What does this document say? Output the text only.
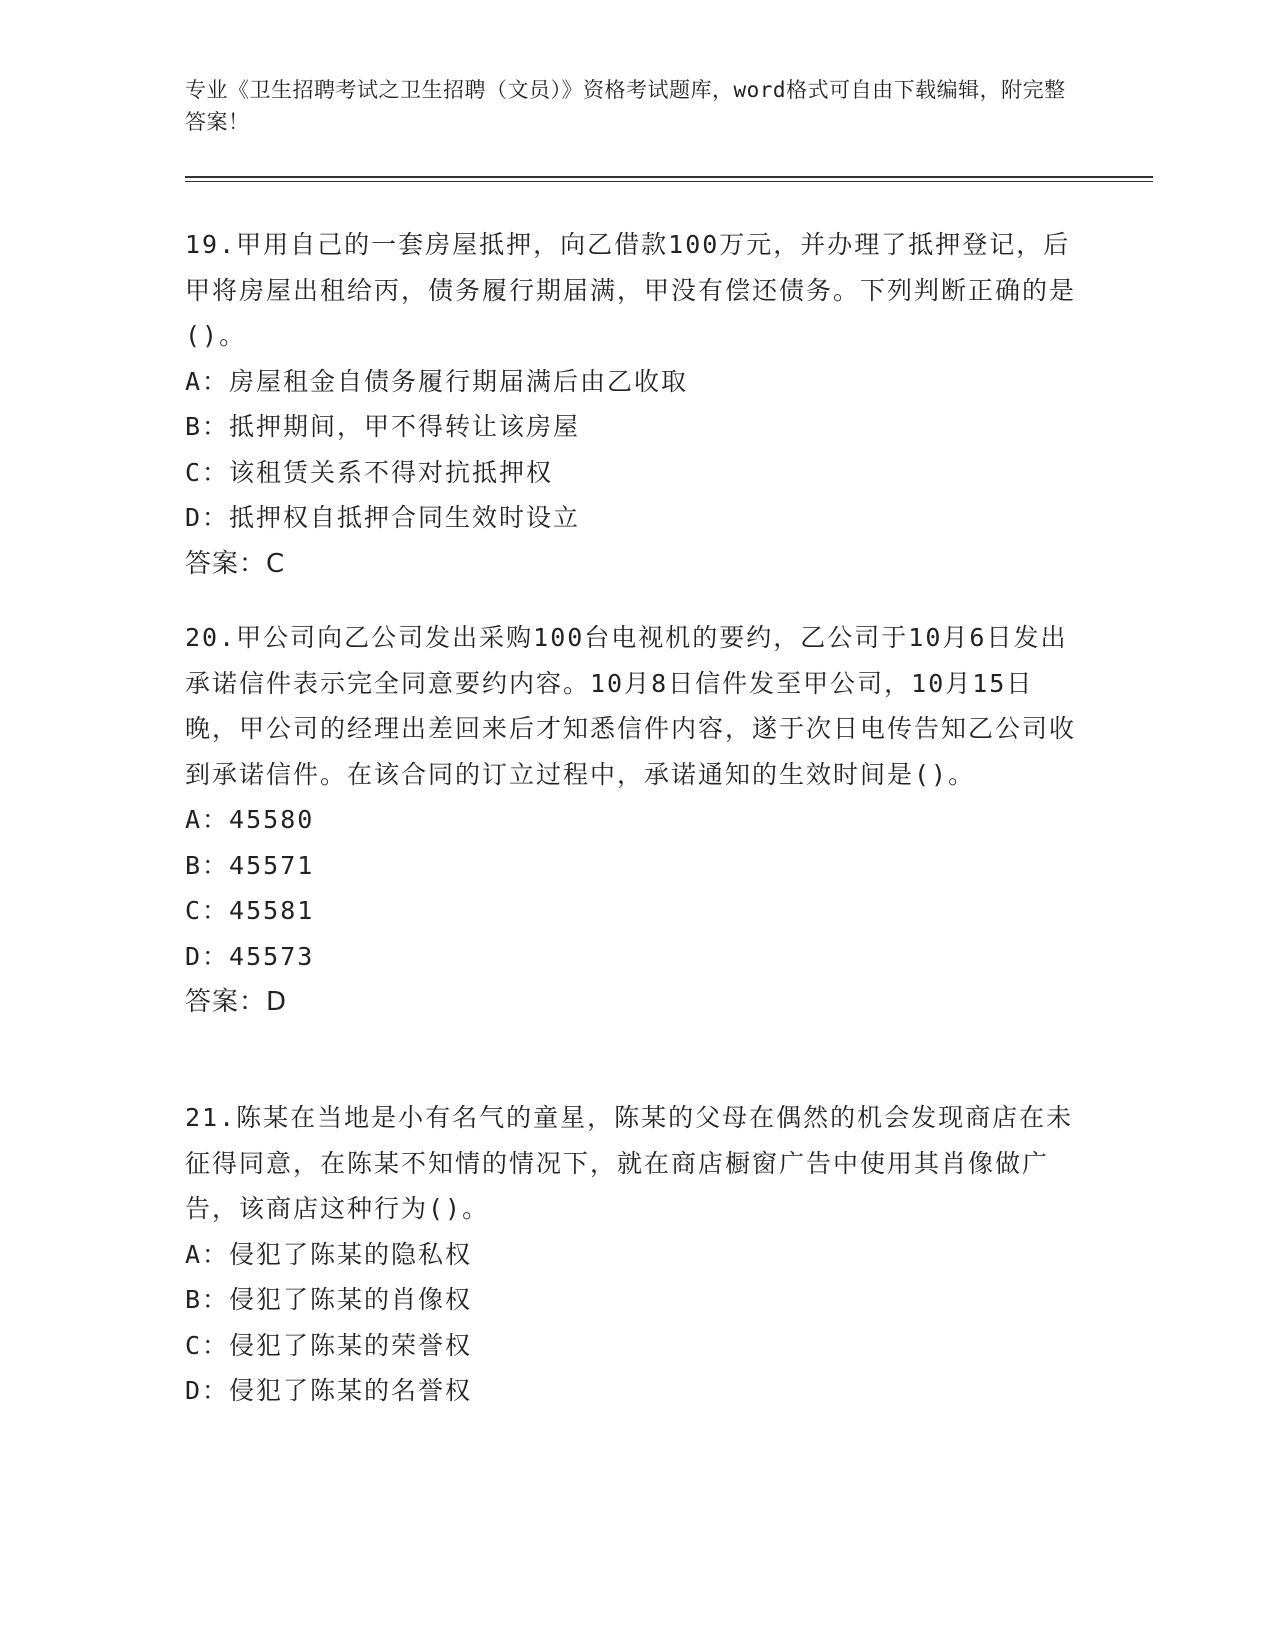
专业《卫生招聘考试之卫生招聘（文员）》资格考试题库，word格式可自由下载编辑，附完整答案！

19.甲用自己的一套房屋抵押，向乙借款100万元，并办理了抵押登记，后甲将房屋出租给丙，债务履行期届满，甲没有偿还债务。下列判断正确的是()。

A：房屋租金自债务履行期届满后由乙收取

B：抵押期间，甲不得转让该房屋

C：该租赁关系不得对抗抵押权

D：抵押权自抵押合同生效时设立

答案：C

20.甲公司向乙公司发出采购100台电视机的要约，乙公司于10月6日发出承诺信件表示完全同意要约内容。10月8日信件发至甲公司，10月15日晚，甲公司的经理出差回来后才知悉信件内容，遂于次日电传告知乙公司收到承诺信件。在该合同的订立过程中，承诺通知的生效时间是()。

A：45580

B：45571

C：45581

D：45573

答案：D

21.陈某在当地是小有名气的童星，陈某的父母在偶然的机会发现商店在未征得同意，在陈某不知情的情况下，就在商店橱窗广告中使用其肖像做广告，该商店这种行为()。

A：侵犯了陈某的隐私权

B：侵犯了陈某的肖像权

C：侵犯了陈某的荣誉权

D：侵犯了陈某的名誉权
